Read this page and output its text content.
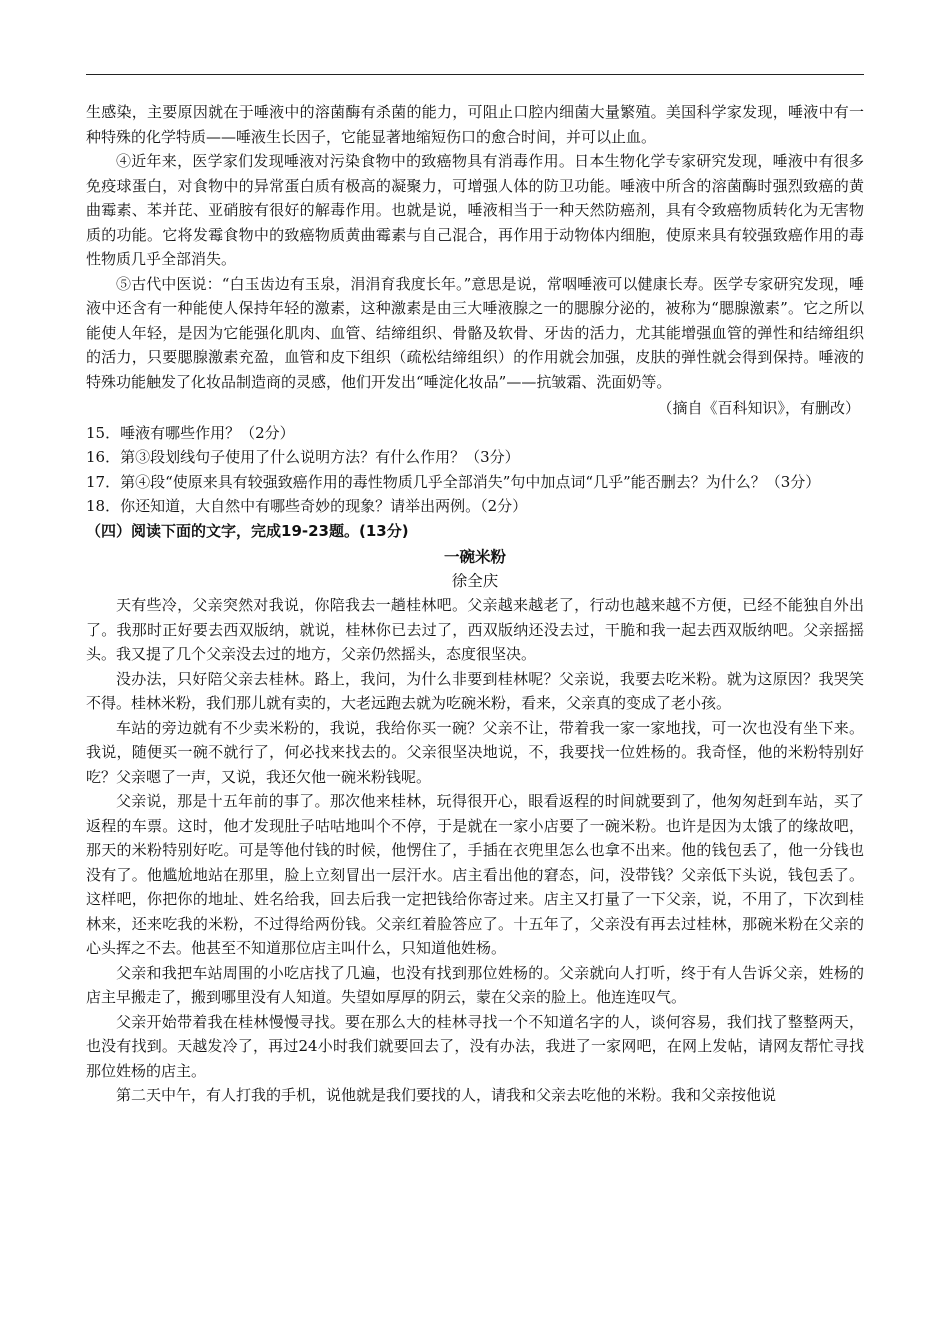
生感染，主要原因就在于唾液中的溶菌酶有杀菌的能力，可阻止口腔内细菌大量繁殖。美国科学家发现，唾液中有一种特殊的化学特质——唾液生长因子，它能显著地缩短伤口的愈合时间，并可以止血。

④近年来，医学家们发现唾液对污染食物中的致癌物具有消毒作用。日本生物化学专家研究发现，唾液中有很多免疫球蛋白，对食物中的异常蛋白质有极高的凝聚力，可增强人体的防卫功能。唾液中所含的溶菌酶时强烈致癌的黄曲霉素、苯并芘、亚硝胺有很好的解毒作用。也就是说，唾液相当于一种天然防癌剂，具有令致癌物质转化为无害物质的功能。它将发霉食物中的致癌物质黄曲霉素与自己混合，再作用于动物体内细胞，使原来具有较强致癌作用的毒性物质几乎全部消失。

⑤古代中医说：“白玉齿边有玉泉，涓涓育我度长年。”意思是说，常咽唾液可以健康长寿。医学专家研究发现，唾液中还含有一种能使人保持年轻的激素，这种激素是由三大唾液腺之一的腮腺分泌的，被称为“腮腺激素”。它之所以能使人年轻，是因为它能强化肌肉、血管、结缔组织、骨骼及软骨、牙齿的活力，尤其能增强血管的弹性和结缔组织的活力，只要腮腺激素充盈，血管和皮下组织（疏松结缔组织）的作用就会加强，皮肤的弹性就会得到保持。唾液的特殊功能触发了化妆品制造商的灵感，他们开发出“唾淀化妆品”——抗皱霜、洗面奶等。

（摘自《百科知识》，有删改）

15．唾液有哪些作用？（2分）

16．第③段划线句子使用了什么说明方法？有什么作用？（3分）

17．第④段“使原来具有较强致癌作用的毒性物质几乎全部消失”句中加点词“几乎”能否删去？为什么？（3分）

18．你还知道，大自然中有哪些奇妙的现象？请举出两例。（2分）

（四）阅读下面的文字，完成19-23题。(13分)

一碗米粉

徐全庆

天有些冷，父亲突然对我说，你陪我去一趟桂林吧。父亲越来越老了，行动也越来越不方便，已经不能独自外出了。我那时正好要去西双版纳，就说，桂林你已去过了，西双版纳还没去过，干脆和我一起去西双版纳吧。父亲摇摇头。我又提了几个父亲没去过的地方，父亲仍然摇头，态度很坚决。

没办法，只好陪父亲去桂林。路上，我问，为什么非要到桂林呢？父亲说，我要去吃米粉。就为这原因？我哭笑不得。桂林米粉，我们那儿就有卖的，大老远跑去就为吃碗米粉，看来，父亲真的变成了老小孩。

车站的旁边就有不少卖米粉的，我说，我给你买一碗？父亲不让，带着我一家一家地找，可一次也没有坐下来。我说，随便买一碗不就行了，何必找来找去的。父亲很坚决地说，不，我要找一位姓杨的。我奇怪，他的米粉特别好吃？父亲嗯了一声，又说，我还欠他一碗米粉钱呢。

父亲说，那是十五年前的事了。那次他来桂林，玩得很开心，眼看返程的时间就要到了，他匆匆赶到车站，买了返程的车票。这时，他才发现肚子咕咕地叫个不停，于是就在一家小店要了一碗米粉。也许是因为太饿了的缘故吧，那天的米粉特别好吃。可是等他付钱的时候，他愣住了，手插在衣兜里怎么也拿不出来。他的钱包丢了，他一分钱也没有了。他尴尬地站在那里，脸上立刻冒出一层汗水。店主看出他的窘态，问，没带钱？父亲低下头说，钱包丢了。这样吧，你把你的地址、姓名给我，回去后我一定把钱给你寄过来。店主又打量了一下父亲，说，不用了，下次到桂林来，还来吃我的米粉，不过得给两份钱。父亲红着脸答应了。十五年了，父亲没有再去过桂林，那碗米粉在父亲的心头挥之不去。他甚至不知道那位店主叫什么，只知道他姓杨。

父亲和我把车站周围的小吃店找了几遍，也没有找到那位姓杨的。父亲就向人打听，终于有人告诉父亲，姓杨的店主早搬走了，搬到哪里没有人知道。失望如厚厚的阴云，蒙在父亲的脸上。他连连叹气。

父亲开始带着我在桂林慢慢寻找。要在那么大的桂林寻找一个不知道名字的人，谈何容易，我们找了整整两天，也没有找到。天越发冷了，再过24小时我们就要回去了，没有办法，我进了一家网吧，在网上发帖，请网友帮忙寻找那位姓杨的店主。

第二天中午，有人打我的手机，说他就是我们要找的人，请我和父亲去吃他的米粉。我和父亲按他说
